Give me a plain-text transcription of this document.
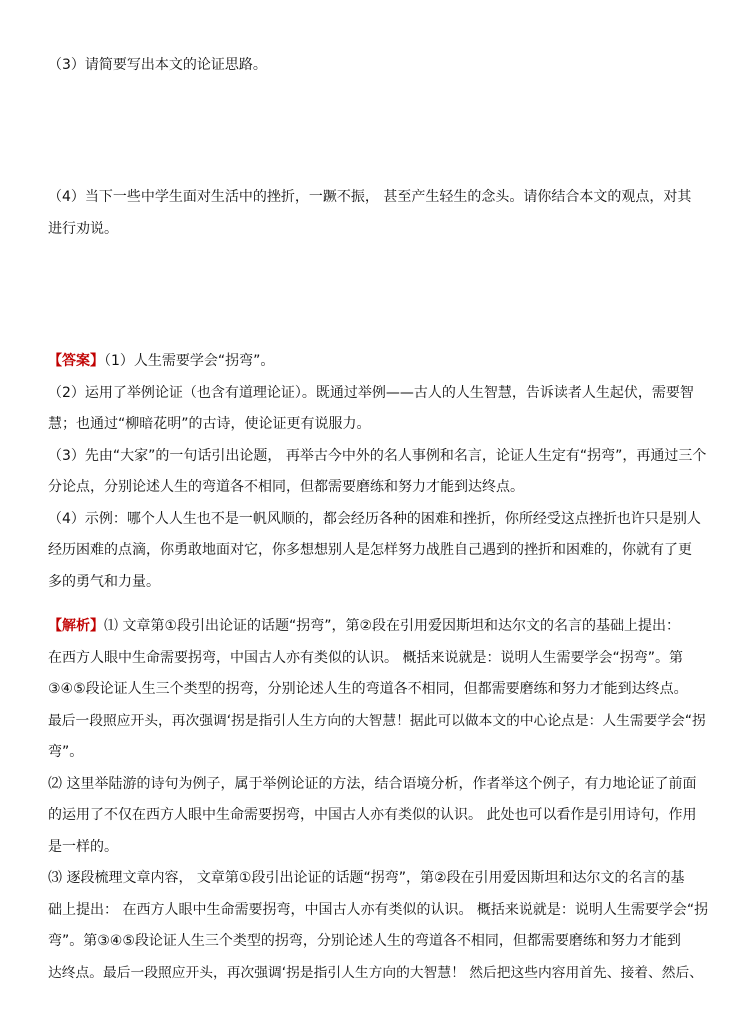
（3）请简要写出本文的论证思路。
（4）当下一些中学生面对生活中的挫折，一蹶不振， 甚至产生轻生的念头。请你结合本文的观点，对其
进行劝说。
【答案】（1）人生需要学会“拐弯”。
（2）运用了举例论证（也含有道理论证）。既通过举例——古人的人生智慧，告诉读者人生起伏，需要智
慧；也通过“柳暗花明”的古诗，使论证更有说服力。
（3）先由“大家”的一句话引出论题， 再举古今中外的名人事例和名言，论证人生定有“拐弯”，再通过三个
分论点，分别论述人生的弯道各不相同，但都需要磨练和努力才能到达终点。
（4）示例：哪个人人生也不是一帆风顺的，都会经历各种的困难和挫折，你所经受这点挫折也许只是别人
经历困难的点滴，你勇敢地面对它，你多想想别人是怎样努力战胜自己遇到的挫折和困难的，你就有了更
多的勇气和力量。
【解析】⑴ 文章第①段引出论证的话题“拐弯”，第②段在引用爱因斯坦和达尔文的名言的基础上提出：
在西方人眼中生命需要拐弯，中国古人亦有类似的认识。 概括来说就是：说明人生需要学会“拐弯”。第
③④⑤段论证人生三个类型的拐弯，分别论述人生的弯道各不相同，但都需要磨练和努力才能到达终点。
最后一段照应开头，再次强调‘拐是指引人生方向的大智慧！据此可以做本文的中心论点是：人生需要学会“拐
弯”。
⑵ 这里举陆游的诗句为例子，属于举例论证的方法，结合语境分析，作者举这个例子，有力地论证了前面
的运用了不仅在西方人眼中生命需要拐弯，中国古人亦有类似的认识。 此处也可以看作是引用诗句，作用
是一样的。
⑶ 逐段梳理文章内容， 文章第①段引出论证的话题“拐弯”，第②段在引用爱因斯坦和达尔文的名言的基
础上提出： 在西方人眼中生命需要拐弯，中国古人亦有类似的认识。 概括来说就是：说明人生需要学会“拐
弯”。第③④⑤段论证人生三个类型的拐弯，分别论述人生的弯道各不相同，但都需要磨练和努力才能到
达终点。最后一段照应开头，再次强调‘拐是指引人生方向的大智慧！ 然后把这些内容用首先、接着、然后、
